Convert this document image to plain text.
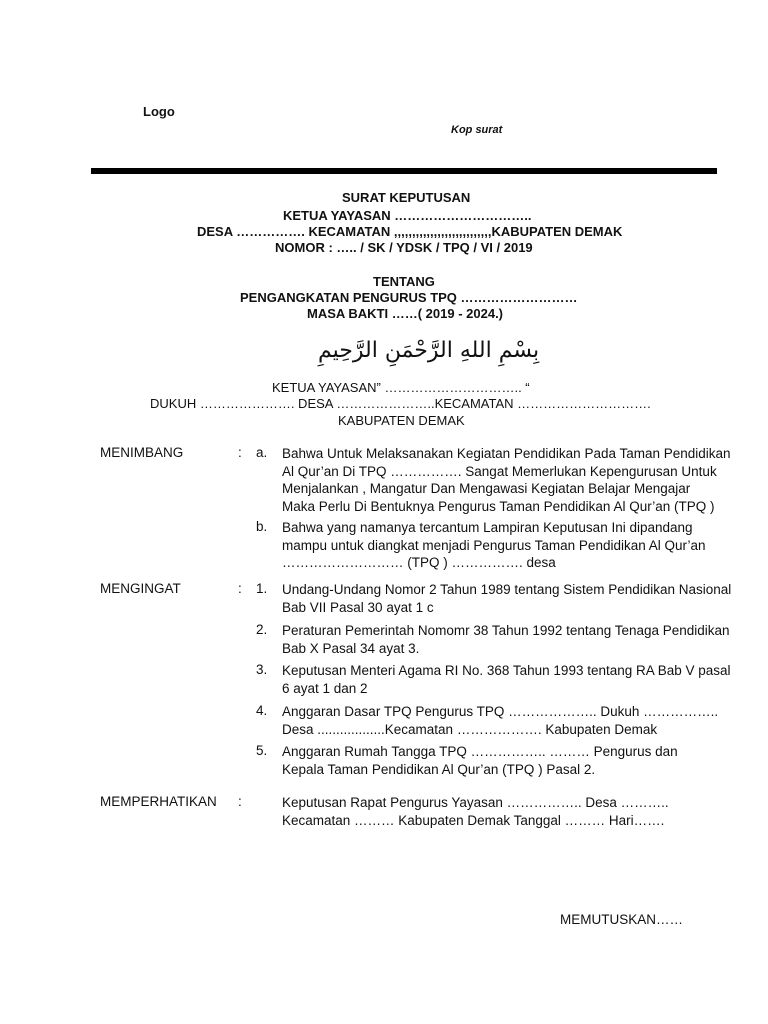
Logo
Kop surat
SURAT KEPUTUSAN
KETUA YAYASAN …………………………..
DESA ……………. KECAMATAN ,,,,,,,,,,,,,,,,,,,,,,,,,,,KABUPATEN DEMAK
NOMOR : ….. / SK / YDSK / TPQ / VI / 2019
TENTANG
PENGANGKATAN PENGURUS TPQ ………………………
MASA BAKTI ……( 2019 - 2024.)
بِسْمِ اللهِ الرَّحْمَنِ الرَّحِيمِ
KETUA YAYASAN” ………………………….. “
DUKUH …………………. DESA …………………..KECAMATAN ………………………….
KABUPATEN DEMAK
MENIMBANG	: a. Bahwa Untuk Melaksanakan Kegiatan Pendidikan Pada Taman Pendidikan
Al Qur’an Di TPQ ……………. Sangat Memerlukan Kepengurusan Untuk
Menjalankan , Mangatur Dan Mengawasi Kegiatan Belajar Mengajar
Maka Perlu Di Bentuknya Pengurus Taman Pendidikan Al Qur’an (TPQ )
b. Bahwa yang namanya tercantum Lampiran Keputusan Ini dipandang
mampu untuk diangkat menjadi Pengurus Taman Pendidikan Al Qur’an
……………………… (TPQ ) ……………. desa
MENGINGAT	: 1. Undang-Undang Nomor 2 Tahun 1989 tentang Sistem Pendidikan Nasional
Bab VII Pasal 30 ayat 1 c
2. Peraturan Pemerintah Nomomr 38 Tahun 1992 tentang Tenaga Pendidikan
Bab X Pasal 34 ayat 3.
3. Keputusan Menteri Agama RI No. 368 Tahun 1993 tentang RA Bab V pasal
6 ayat 1 dan 2
4. Anggaran Dasar TPQ Pengurus TPQ ……………….. Dukuh ……………..
Desa ..................Kecamatan ………………. Kabupaten Demak
5. Anggaran Rumah Tangga TPQ …………….. ……… Pengurus dan
Kepala Taman Pendidikan Al Qur’an (TPQ ) Pasal 2.
MEMPERHATIKAN :	Keputusan Rapat Pengurus Yayasan …………….. Desa ………..
Kecamatan ……… Kabupaten Demak Tanggal ……… Hari…….
MEMUTUSKAN……
